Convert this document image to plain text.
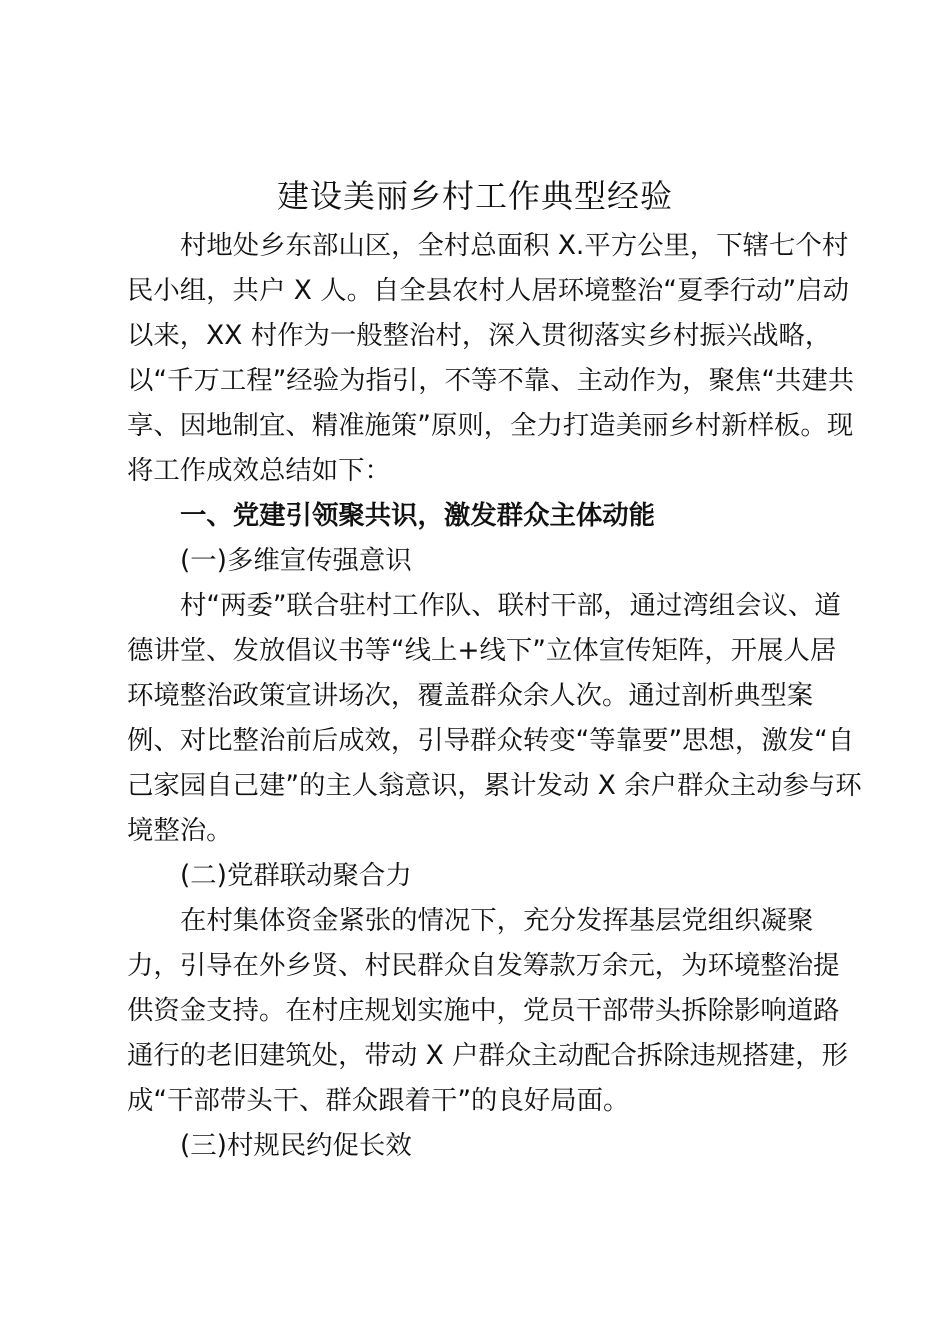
建设美丽乡村工作典型经验

村地处乡东部山区，全村总面积 X.平方公里，下辖七个村

民小组，共户 X 人。自全县农村人居环境整治“夏季行动”启动

以来，XX 村作为一般整治村，深入贯彻落实乡村振兴战略，

以“千万工程”经验为指引，不等不靠、主动作为，聚焦“共建共

享、因地制宜、精准施策”原则，全力打造美丽乡村新样板。现

将工作成效总结如下：

一、党建引领聚共识，激发群众主体动能

(一)多维宣传强意识

村“两委”联合驻村工作队、联村干部，通过湾组会议、道

德讲堂、发放倡议书等“线上+线下”立体宣传矩阵，开展人居

环境整治政策宣讲场次，覆盖群众余人次。通过剖析典型案

例、对比整治前后成效，引导群众转变“等靠要”思想，激发“自

己家园自己建”的主人翁意识，累计发动 X 余户群众主动参与环

境整治。

(二)党群联动聚合力

在村集体资金紧张的情况下，充分发挥基层党组织凝聚

力，引导在外乡贤、村民群众自发筹款万余元，为环境整治提

供资金支持。在村庄规划实施中，党员干部带头拆除影响道路

通行的老旧建筑处，带动 X 户群众主动配合拆除违规搭建，形

成“干部带头干、群众跟着干”的良好局面。

(三)村规民约促长效
